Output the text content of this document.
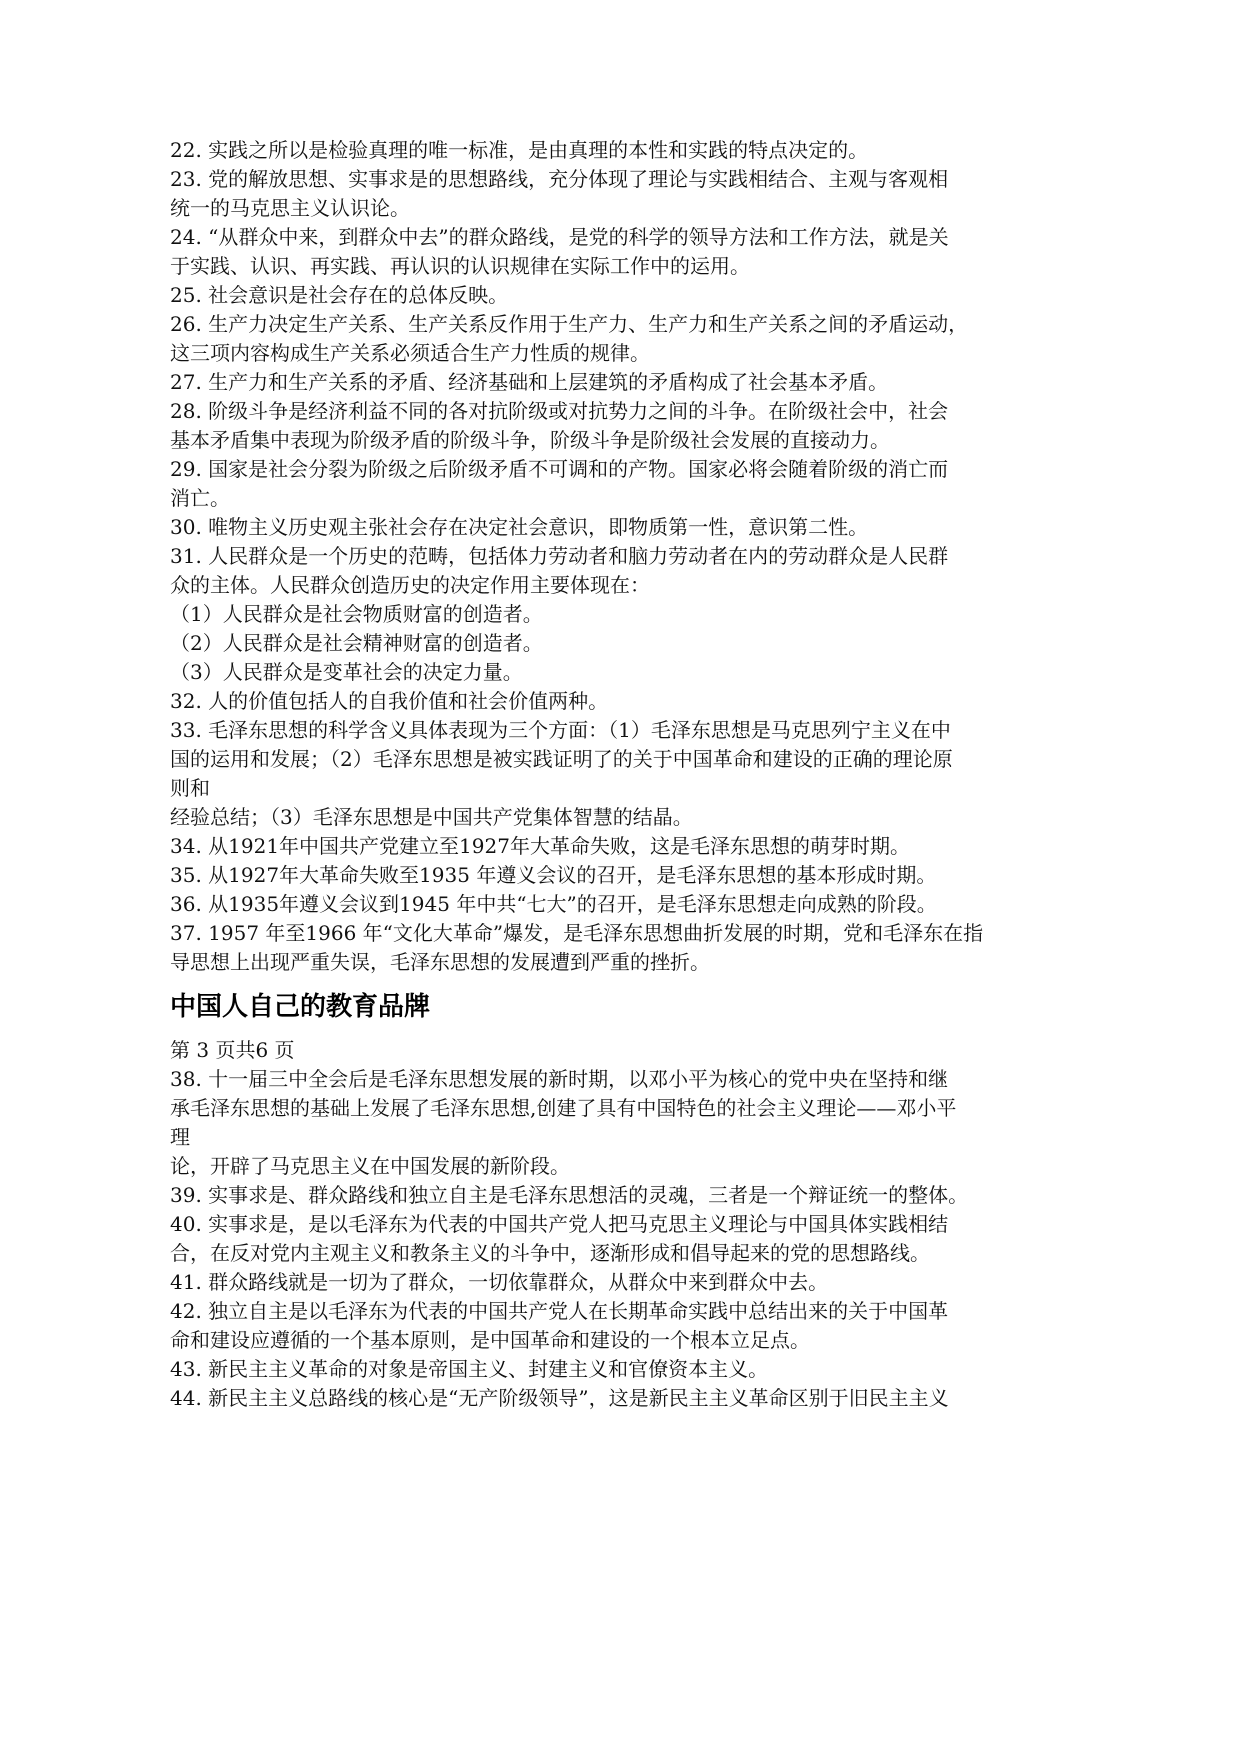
22. 实践之所以是检验真理的唯一标准，是由真理的本性和实践的特点决定的。
23. 党的解放思想、实事求是的思想路线，充分体现了理论与实践相结合、主观与客观相
统一的马克思主义认识论。
24. “从群众中来，到群众中去”的群众路线，是党的科学的领导方法和工作方法，就是关
于实践、认识、再实践、再认识的认识规律在实际工作中的运用。
25. 社会意识是社会存在的总体反映。
26. 生产力决定生产关系、生产关系反作用于生产力、生产力和生产关系之间的矛盾运动，
这三项内容构成生产关系必须适合生产力性质的规律。
27. 生产力和生产关系的矛盾、经济基础和上层建筑的矛盾构成了社会基本矛盾。
28. 阶级斗争是经济利益不同的各对抗阶级或对抗势力之间的斗争。在阶级社会中，社会
基本矛盾集中表现为阶级矛盾的阶级斗争，阶级斗争是阶级社会发展的直接动力。
29. 国家是社会分裂为阶级之后阶级矛盾不可调和的产物。国家必将会随着阶级的消亡而
消亡。
30. 唯物主义历史观主张社会存在决定社会意识，即物质第一性，意识第二性。
31. 人民群众是一个历史的范畴，包括体力劳动者和脑力劳动者在内的劳动群众是人民群
众的主体。人民群众创造历史的决定作用主要体现在：
（1）人民群众是社会物质财富的创造者。
（2）人民群众是社会精神财富的创造者。
（3）人民群众是变革社会的决定力量。
32. 人的价值包括人的自我价值和社会价值两种。
33. 毛泽东思想的科学含义具体表现为三个方面：（1）毛泽东思想是马克思列宁主义在中
国的运用和发展；（2）毛泽东思想是被实践证明了的关于中国革命和建设的正确的理论原
则和
经验总结；（3）毛泽东思想是中国共产党集体智慧的结晶。
34. 从1921年中国共产党建立至1927年大革命失败，这是毛泽东思想的萌芽时期。
35. 从1927年大革命失败至1935 年遵义会议的召开，是毛泽东思想的基本形成时期。
36. 从1935年遵义会议到1945 年中共“七大”的召开，是毛泽东思想走向成熟的阶段。
37. 1957 年至1966 年“文化大革命”爆发，是毛泽东思想曲折发展的时期，党和毛泽东在指
导思想上出现严重失误，毛泽东思想的发展遭到严重的挫折。
中国人自己的教育品牌
第 3 页共6 页
38. 十一届三中全会后是毛泽东思想发展的新时期，以邓小平为核心的党中央在坚持和继
承毛泽东思想的基础上发展了毛泽东思想,创建了具有中国特色的社会主义理论——邓小平
理
论，开辟了马克思主义在中国发展的新阶段。
39. 实事求是、群众路线和独立自主是毛泽东思想活的灵魂，三者是一个辩证统一的整体。
40. 实事求是，是以毛泽东为代表的中国共产党人把马克思主义理论与中国具体实践相结
合，在反对党内主观主义和教条主义的斗争中，逐渐形成和倡导起来的党的思想路线。
41. 群众路线就是一切为了群众，一切依靠群众，从群众中来到群众中去。
42. 独立自主是以毛泽东为代表的中国共产党人在长期革命实践中总结出来的关于中国革
命和建设应遵循的一个基本原则，是中国革命和建设的一个根本立足点。
43. 新民主主义革命的对象是帝国主义、封建主义和官僚资本主义。
44. 新民主主义总路线的核心是“无产阶级领导”，这是新民主主义革命区别于旧民主主义
